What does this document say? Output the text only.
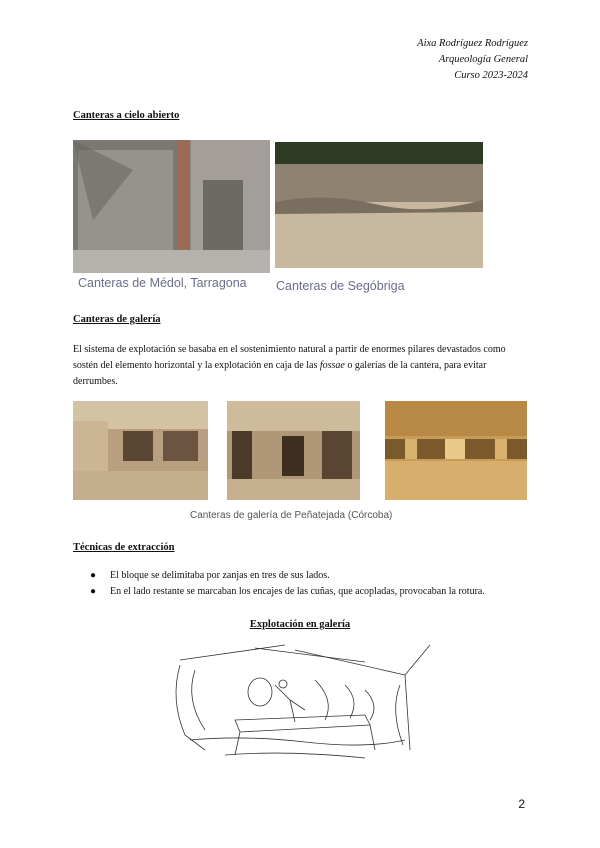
Aixa Rodríguez Rodríguez
Arqueología General
Curso 2023-2024
Canteras a cielo abierto
Canteras de Médol, Tarragona Canteras de Segóbriga
Canteras de galería
El sistema de explotación se basaba en el sostenimiento natural a partir de enormes pilares devastados como sostén del elemento horizontal y la explotación en caja de las fossae o galerías de la cantera, para evitar derrumbes.
Canteras de galería de Peñatejada (Córcoba)
Técnicas de extracción
● El bloque se delimitaba por zanjas en tres de sus lados.
● En el lado restante se marcaban los encajes de las cuñas, que acopladas, provocaban la rotura.
Explotación en galería
2
